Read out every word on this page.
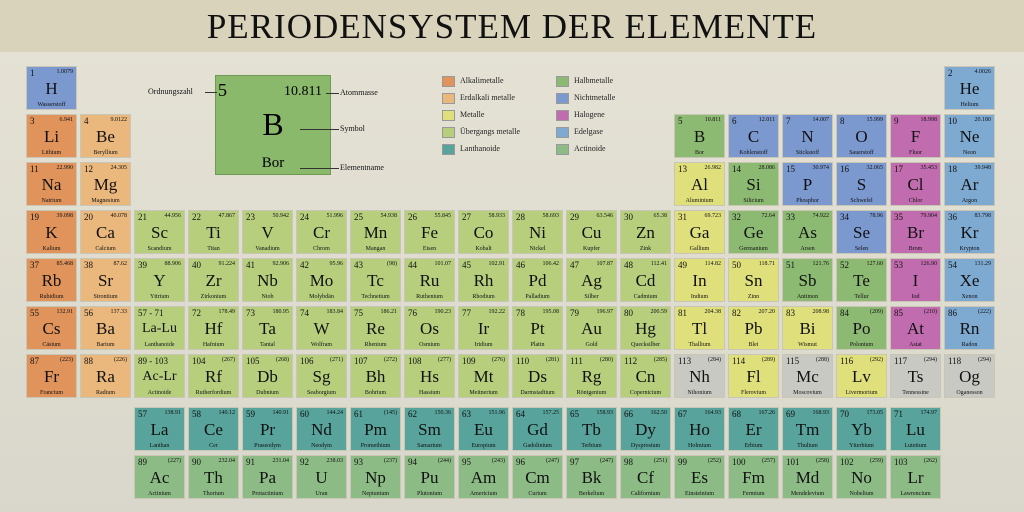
PERIODENSYSTEM DER ELEMENTE
10.811
B
Bor
5
Ordnungszahl	Atommasse
Symbol
Elementname
Alkalimetalle
Erdalkali metalle
Metalle
Übergangs metalle
Lanthanoide
Halbmetalle
Nichtmetalle
Halogene
Edelgase
Actinoide
1	1.0079
H
Wasserstoff
2	4.0026
He
Helium
3	6.941
Li
Lithium
4	9.0122
Be
Beryllium
5	10.811
B
Bor
6	12.011
C
Kohlenstoff
7	14.007
N
Stickstoff
8	15.999
O
Sauerstoff
9	18.998
F
Fluor
10	20.180
Ne
Neon
11	22.990
Na
Natrium
12	24.305
Mg
Magnesium
13	26.982
Al
Aluminium
14	28.086
Si
Silicium
15	30.974
P
Phosphor
16	32.065
S
Schwefel
17	35.453
Cl
Chlor
18	39.948
Ar
Argon
19	39.098
K
Kalium
20	40.078
Ca
Calcium
21	44.956
Sc
Scandium
22	47.867
Ti
Titan
23	50.942
V
Vanadium
24	51.996
Cr
Chrom
25	54.938
Mn
Mangan
26	55.845
Fe
Eisen
27	58.933
Co
Kobalt
28	58.693
Ni
Nickel
29	63.546
Cu
Kupfer
30	65.38
Zn
Zink
31	69.723
Ga
Gallium
32	72.64
Ge
Germanium
33	74.922
As
Arsen
34	78.96
Se
Selen
35	79.904
Br
Brom
36	83.798
Kr
Krypton
37	85.468
Rb
Rubidium
38	87.62
Sr
Strontium
39	88.906
Y
Yttrium
40	91.224
Zr
Zirkonium
41	92.906
Nb
Niob
42	95.96
Mo
Molybdän
43	(98)
Tc
Technetium
44	101.07
Ru
Ruthenium
45	102.91
Rh
Rhodium
46	106.42
Pd
Palladium
47	107.87
Ag
Silber
48	112.41
Cd
Cadmium
49	114.82
In
Indium
50	118.71
Sn
Zinn
51	121.76
Sb
Antimon
52	127.60
Te
Tellur
53	126.90
I
Iod
54	131.29
Xe
Xenon
55	132.91
Cs
Cäsium
56	137.33
Ba
Barium
57 - 71
La-Lu
Lanthanoide
72	178.49
Hf
Hafnium
73	180.95
Ta
Tantal
74	183.84
W
Wolfram
75	186.21
Re
Rhenium
76	190.23
Os
Osmium
77	192.22
Ir
Iridium
78	195.08
Pt
Platin
79	196.97
Au
Gold
80	200.59
Hg
Quecksilber
81	204.38
Tl
Thallium
82	207.20
Pb
Blei
83	208.98
Bi
Wismut
84	(209)
Po
Polonium
85	(210)
At
Astat
86	(222)
Rn
Radon
87	(223)
Fr
Francium
88	(226)
Ra
Radium
89 - 103
Ac-Lr
Actinoide
104	(267)
Rf
Rutherfordium
105	(268)
Db
Dubnium
106	(271)
Sg
Seaborgium
107	(272)
Bh
Bohrium
108	(277)
Hs
Hassium
109	(276)
Mt
Meitnerium
110	(281)
Ds
Darmstadtium
111	(280)
Rg
Röntgenium
112	(285)
Cn
Copernicium
113	(284)
Nh
Nihonium
114	(289)
Fl
Flerovium
115	(288)
Mc
Moscovium
116	(292)
Lv
Livermorium
117	(294)
Ts
Tennessine
118	(294)
Og
Oganesson
57	138.91
La
Lanthan
58	140.12
Ce
Cer
59	140.91
Pr
Praseodym
60	144.24
Nd
Neodym
61	(145)
Pm
Promethium
62	150.36
Sm
Samarium
63	151.96
Eu
Europium
64	157.25
Gd
Gadolinium
65	158.93
Tb
Terbium
66	162.50
Dy
Dysprosium
67	164.93
Ho
Holmium
68	167.26
Er
Erbium
69	168.93
Tm
Thulium
70	173.05
Yb
Ytterbium
71	174.97
Lu
Lutetium
89	(227)
Ac
Actinium
90	232.04
Th
Thorium
91	231.04
Pa
Protactinium
92	238.03
U
Uran
93	(237)
Np
Neptunium
94	(244)
Pu
Plutonium
95	(243)
Am
Americium
96	(247)
Cm
Curium
97	(247)
Bk
Berkelium
98	(251)
Cf
Californium
99	(252)
Es
Einsteinium
100	(257)
Fm
Fermium
101	(258)
Md
Mendelevium
102	(259)
No
Nobelium
103	(262)
Lr
Lawrencium
